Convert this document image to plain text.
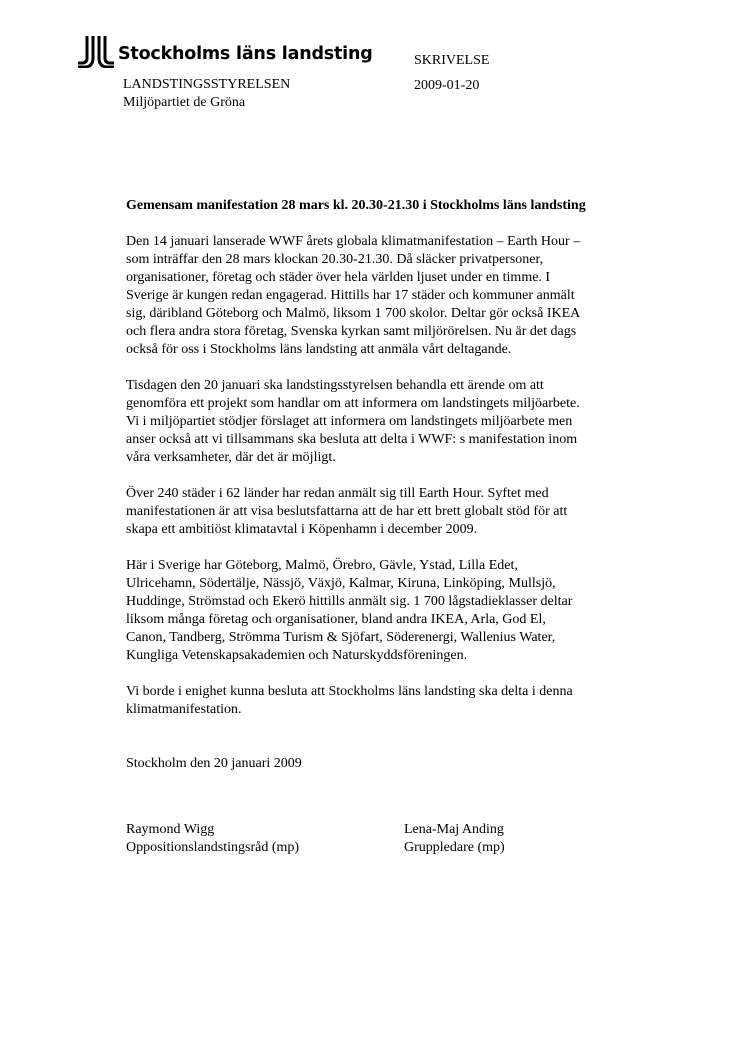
Stockholms läns landsting
LANDSTINGSSTYRELSEN
Miljöpartiet de Gröna
SKRIVELSE
2009-01-20
Gemensam manifestation 28 mars kl. 20.30-21.30 i Stockholms läns landsting
Den 14 januari lanserade WWF årets globala klimatmanifestation – Earth Hour –
som inträffar den 28 mars klockan 20.30-21.30. Då släcker privatpersoner,
organisationer, företag och städer över hela världen ljuset under en timme. I
Sverige är kungen redan engagerad. Hittills har 17 städer och kommuner anmält
sig, däribland Göteborg och Malmö, liksom 1 700 skolor. Deltar gör också IKEA
och flera andra stora företag, Svenska kyrkan samt miljörörelsen. Nu är det dags
också för oss i Stockholms läns landsting att anmäla vårt deltagande.
Tisdagen den 20 januari ska landstingsstyrelsen behandla ett ärende om att
genomföra ett projekt som handlar om att informera om landstingets miljöarbete.
Vi i miljöpartiet stödjer förslaget att informera om landstingets miljöarbete men
anser också att vi tillsammans ska besluta att delta i WWF: s manifestation inom
våra verksamheter, där det är möjligt.
Över 240 städer i 62 länder har redan anmält sig till Earth Hour. Syftet med
manifestationen är att visa beslutsfattarna att de har ett brett globalt stöd för att
skapa ett ambitiöst klimatavtal i Köpenhamn i december 2009.
Här i Sverige har Göteborg, Malmö, Örebro, Gävle, Ystad, Lilla Edet,
Ulricehamn, Södertälje, Nässjö, Växjö, Kalmar, Kiruna, Linköping, Mullsjö,
Huddinge, Strömstad och Ekerö hittills anmält sig. 1 700 lågstadieklasser deltar
liksom många företag och organisationer, bland andra IKEA, Arla, God El,
Canon, Tandberg, Strömma Turism & Sjöfart, Söderenergi, Wallenius Water,
Kungliga Vetenskapsakademien och Naturskyddsföreningen.
Vi borde i enighet kunna besluta att Stockholms läns landsting ska delta i denna
klimatmanifestation.
Stockholm den 20 januari 2009
Raymond Wigg
Oppositionslandstingsråd (mp)
Lena-Maj Anding
Gruppledare (mp)
